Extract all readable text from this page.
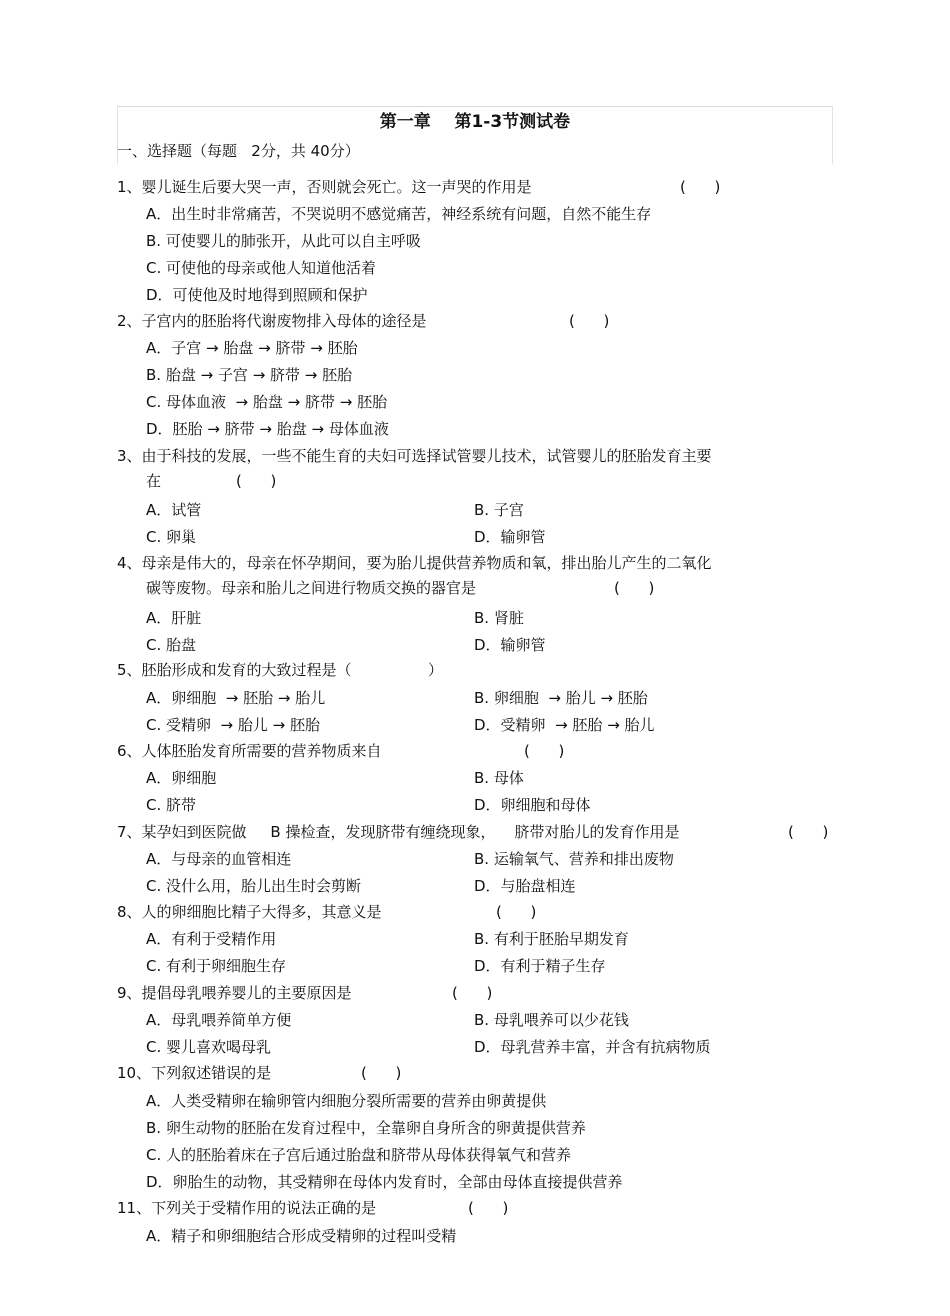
第一章    第1-3节测试卷
一、选择题（每题   2分，共 40分）
1、婴儿诞生后要大哭一声，否则就会死亡。这一声哭的作用是	(      )
A．出生时非常痛苦，不哭说明不感觉痛苦，神经系统有问题，自然不能生存
B. 可使婴儿的肺张开，从此可以自主呼吸
C. 可使他的母亲或他人知道他活着
D．可使他及时地得到照顾和保护
2、子宫内的胚胎将代谢废物排入母体的途径是	(      )
A．子宫 → 胎盘 → 脐带 → 胚胎
B. 胎盘 → 子宫 → 脐带 → 胚胎
C. 母体血液  → 胎盘 → 脐带 → 胚胎
D．胚胎 → 脐带 → 胎盘 → 母体血液
3、由于科技的发展，一些不能生育的夫妇可选择试管婴儿技术，试管婴儿的胚胎发育主要
在	(      )
A．试管	B. 子宫
C. 卵巢	D．输卵管
4、母亲是伟大的，母亲在怀孕期间，要为胎儿提供营养物质和氧，排出胎儿产生的二氧化
碳等废物。母亲和胎儿之间进行物质交换的器官是	(      )
A．肝脏	B. 肾脏
C. 胎盘	D．输卵管
5、胚胎形成和发育的大致过程是（	）
A．卵细胞  → 胚胎 → 胎儿	B. 卵细胞  → 胎儿 → 胚胎
C. 受精卵  → 胎儿 → 胚胎	D．受精卵  → 胚胎 → 胎儿
6、人体胚胎发育所需要的营养物质来自	(      )
A．卵细胞	B. 母体
C. 脐带	D．卵细胞和母体
7、某孕妇到医院做     B 操检查，发现脐带有缠绕现象，    脐带对胎儿的发育作用是	(      )
A．与母亲的血管相连	B. 运输氧气、营养和排出废物
C. 没什么用，胎儿出生时会剪断	D．与胎盘相连
8、人的卵细胞比精子大得多，其意义是	(      )
A．有利于受精作用	B. 有利于胚胎早期发育
C. 有利于卵细胞生存	D．有利于精子生存
9、提倡母乳喂养婴儿的主要原因是	(      )
A．母乳喂养简单方便	B. 母乳喂养可以少花钱
C. 婴儿喜欢喝母乳	D．母乳营养丰富，并含有抗病物质
10、下列叙述错误的是	(      )
A．人类受精卵在输卵管内细胞分裂所需要的营养由卵黄提供
B. 卵生动物的胚胎在发育过程中，全靠卵自身所含的卵黄提供营养
C. 人的胚胎着床在子宫后通过胎盘和脐带从母体获得氧气和营养
D．卵胎生的动物，其受精卵在母体内发育时，全部由母体直接提供营养
11、下列关于受精作用的说法正确的是	(      )
A．精子和卵细胞结合形成受精卵的过程叫受精
